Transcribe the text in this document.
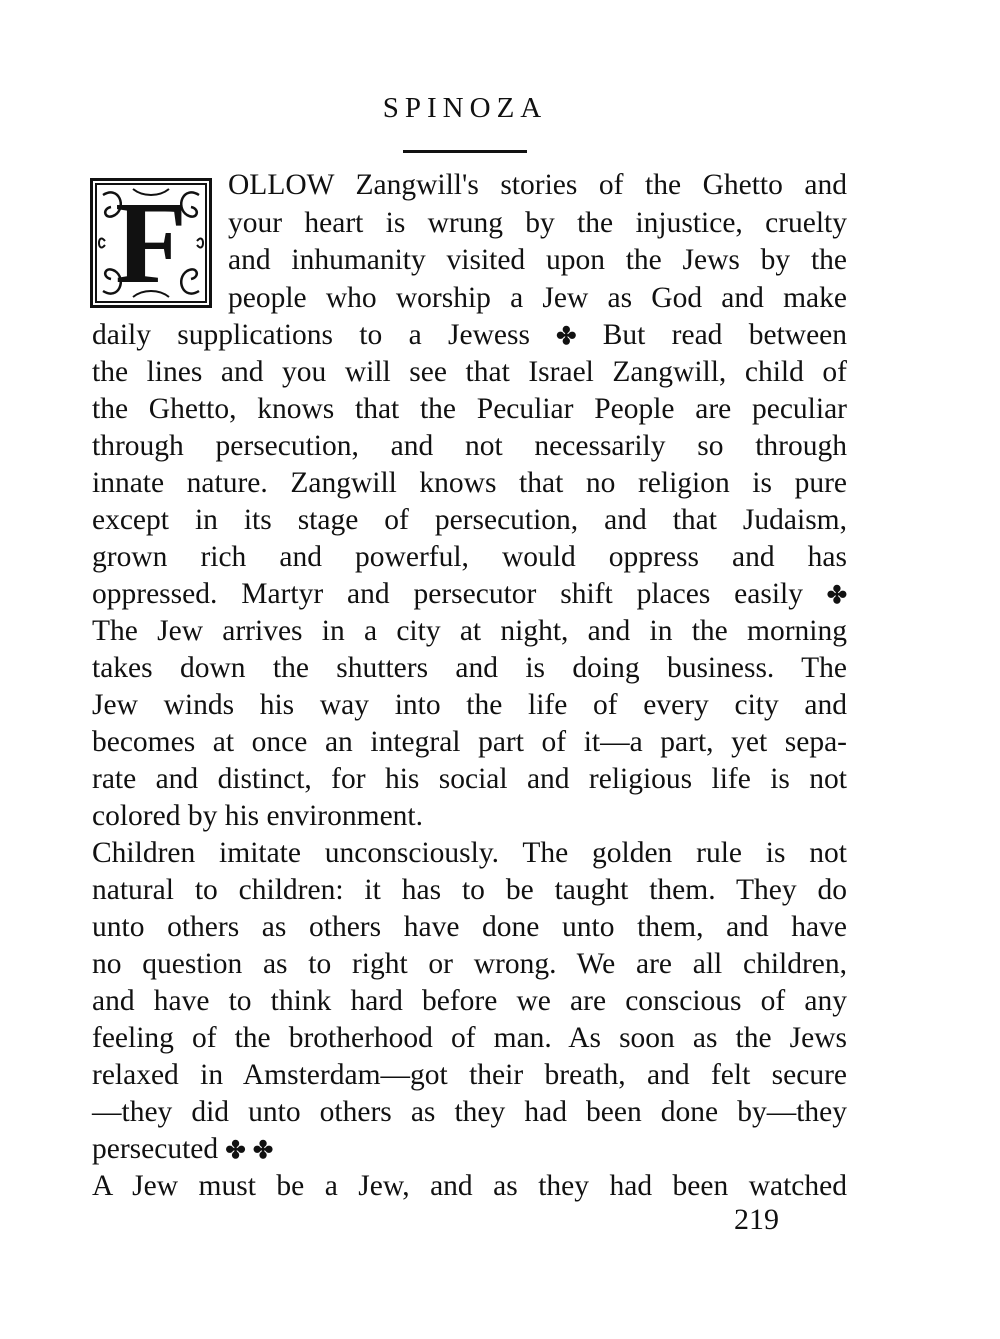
SPINOZA
F	OLLOW Zangwill's stories of the Ghetto and
your heart is wrung by the injustice, cruelty
and inhumanity visited upon the Jews by the
people who worship a Jew as God and make
daily supplications to a Jewess ✤ But read between
the lines and you will see that Israel Zangwill, child of
the Ghetto, knows that the Peculiar People are peculiar
through persecution, and not necessarily so through
innate nature. Zangwill knows that no religion is pure
except in its stage of persecution, and that Judaism,
grown rich and powerful, would oppress and has
oppressed. Martyr and persecutor shift places easily ✤
The Jew arrives in a city at night, and in the morning
takes down the shutters and is doing business. The
Jew winds his way into the life of every city and
becomes at once an integral part of it—a part, yet sepa-
rate and distinct, for his social and religious life is not
colored by his environment.
Children imitate unconsciously. The golden rule is not
natural to children: it has to be taught them. They do
unto others as others have done unto them, and have
no question as to right or wrong. We are all children,
and have to think hard before we are conscious of any
feeling of the brotherhood of man. As soon as the Jews
relaxed in Amsterdam—got their breath, and felt secure
—they did unto others as they had been done by—they
persecuted ✤ ✤
A Jew must be a Jew, and as they had been watched
219
